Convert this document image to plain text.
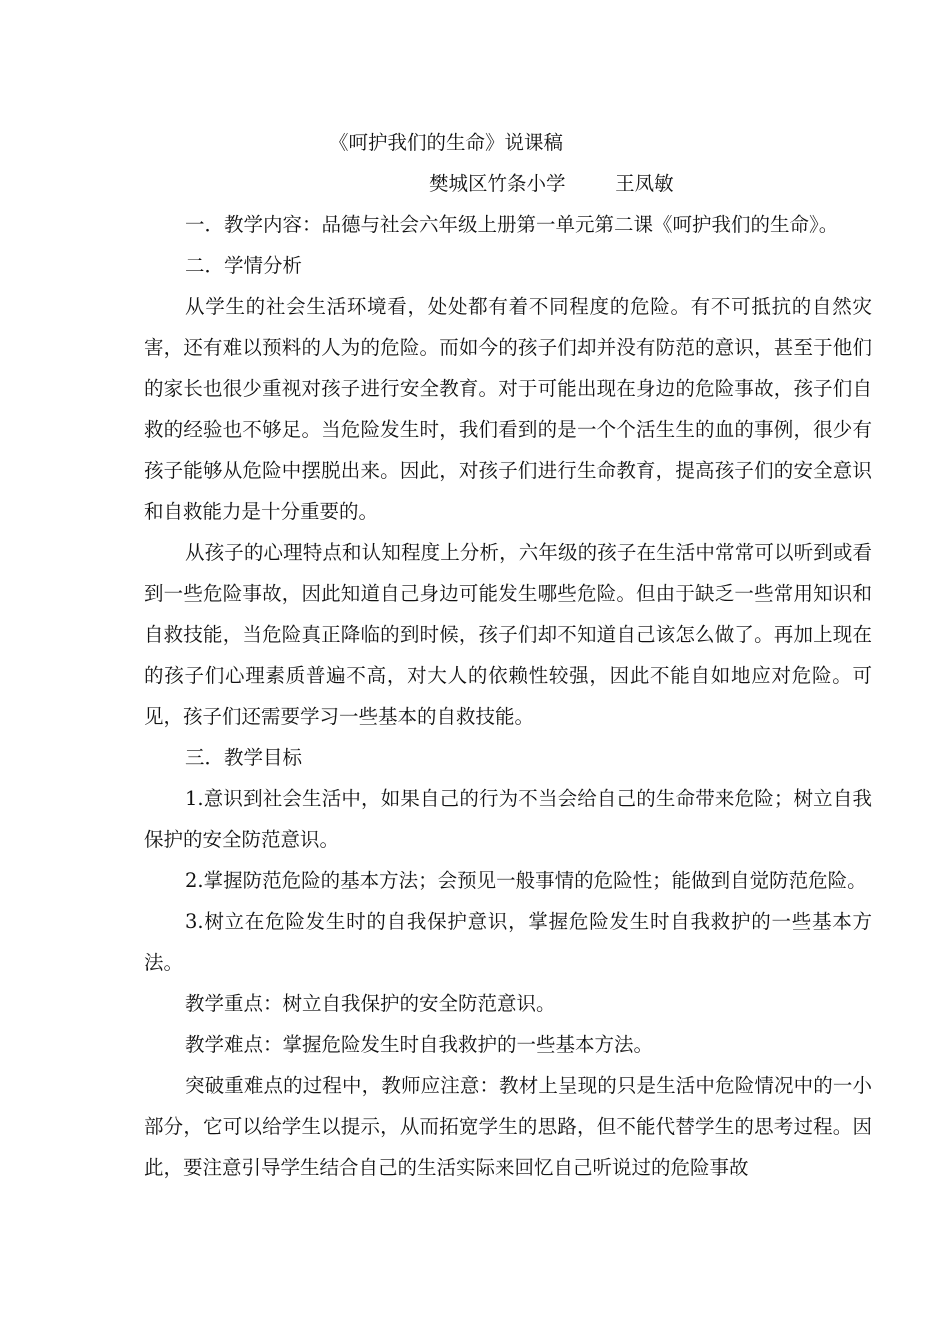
《呵护我们的生命》说课稿
樊城区竹条小学        王凤敏

一．教学内容：品德与社会六年级上册第一单元第二课《呵护我们的生命》。

二．学情分析

从学生的社会生活环境看，处处都有着不同程度的危险。有不可抵抗的自然灾害，还有难以预料的人为的危险。而如今的孩子们却并没有防范的意识，甚至于他们的家长也很少重视对孩子进行安全教育。对于可能出现在身边的危险事故，孩子们自救的经验也不够足。当危险发生时，我们看到的是一个个活生生的血的事例，很少有孩子能够从危险中摆脱出来。因此，对孩子们进行生命教育，提高孩子们的安全意识和自救能力是十分重要的。

从孩子的心理特点和认知程度上分析，六年级的孩子在生活中常常可以听到或看到一些危险事故，因此知道自己身边可能发生哪些危险。但由于缺乏一些常用知识和自救技能，当危险真正降临的到时候，孩子们却不知道自己该怎么做了。再加上现在的孩子们心理素质普遍不高，对大人的依赖性较强，因此不能自如地应对危险。可见，孩子们还需要学习一些基本的自救技能。

三．教学目标

1.意识到社会生活中，如果自己的行为不当会给自己的生命带来危险；树立自我保护的安全防范意识。

2.掌握防范危险的基本方法；会预见一般事情的危险性；能做到自觉防范危险。

3.树立在危险发生时的自我保护意识，掌握危险发生时自我救护的一些基本方法。

教学重点：树立自我保护的安全防范意识。

教学难点：掌握危险发生时自我救护的一些基本方法。

突破重难点的过程中，教师应注意：教材上呈现的只是生活中危险情况中的一小部分，它可以给学生以提示，从而拓宽学生的思路，但不能代替学生的思考过程。因此，要注意引导学生结合自己的生活实际来回忆自己听说过的危险事故
